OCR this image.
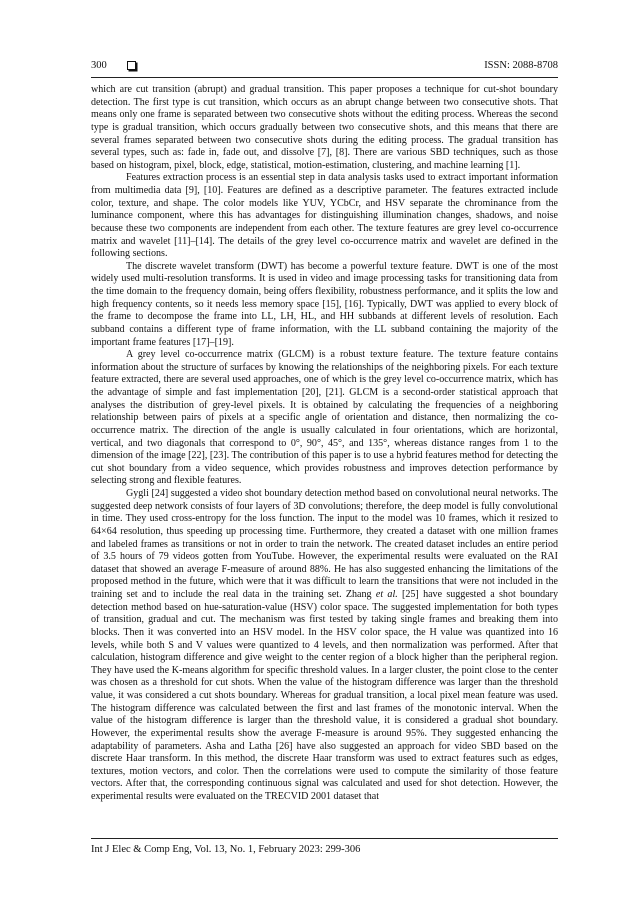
300	ISSN: 2088-8708

which are cut transition (abrupt) and gradual transition. This paper proposes a technique for cut-shot boundary detection. The first type is cut transition, which occurs as an abrupt change between two consecutive shots. That means only one frame is separated between two consecutive shots without the editing process. Whereas the second type is gradual transition, which occurs gradually between two consecutive shots, and this means that there are several frames separated between two consecutive shots during the editing process. The gradual transition has several types, such as: fade in, fade out, and dissolve [7], [8]. There are various SBD techniques, such as those based on histogram, pixel, block, edge, statistical, motion-estimation, clustering, and machine learning [1].

Features extraction process is an essential step in data analysis tasks used to extract important information from multimedia data [9], [10]. Features are defined as a descriptive parameter. The features extracted include color, texture, and shape. The color models like YUV, YCbCr, and HSV separate the chrominance from the luminance component, where this has advantages for distinguishing illumination changes, shadows, and noise because these two components are independent from each other. The texture features are grey level co-occurrence matrix and wavelet [11]–[14]. The details of the grey level co-occurrence matrix and wavelet are defined in the following sections.

The discrete wavelet transform (DWT) has become a powerful texture feature. DWT is one of the most widely used multi-resolution transforms. It is used in video and image processing tasks for transitioning data from the time domain to the frequency domain, being offers flexibility, robustness performance, and it splits the low and high frequency contents, so it needs less memory space [15], [16]. Typically, DWT was applied to every block of the frame to decompose the frame into LL, LH, HL, and HH subbands at different levels of resolution. Each subband contains a different type of frame information, with the LL subband containing the majority of the important frame features [17]–[19].

A grey level co-occurrence matrix (GLCM) is a robust texture feature. The texture feature contains information about the structure of surfaces by knowing the relationships of the neighboring pixels. For each texture feature extracted, there are several used approaches, one of which is the grey level co-occurrence matrix, which has the advantage of simple and fast implementation [20], [21]. GLCM is a second-order statistical approach that analyses the distribution of grey-level pixels. It is obtained by calculating the frequencies of a neighboring relationship between pairs of pixels at a specific angle of orientation and distance, then normalizing the co-occurrence matrix. The direction of the angle is usually calculated in four orientations, which are horizontal, vertical, and two diagonals that correspond to 0°, 90°, 45°, and 135°, whereas distance ranges from 1 to the dimension of the image [22], [23]. The contribution of this paper is to use a hybrid features method for detecting the cut shot boundary from a video sequence, which provides robustness and improves detection performance by selecting strong and flexible features.

Gygli [24] suggested a video shot boundary detection method based on convolutional neural networks. The suggested deep network consists of four layers of 3D convolutions; therefore, the deep model is fully convolutional in time. They used cross-entropy for the loss function. The input to the model was 10 frames, which it resized to 64×64 resolution, thus speeding up processing time. Furthermore, they created a dataset with one million frames and labeled frames as transitions or not in order to train the network. The created dataset includes an entire period of 3.5 hours of 79 videos gotten from YouTube. However, the experimental results were evaluated on the RAI dataset that showed an average F-measure of around 88%. He has also suggested enhancing the limitations of the proposed method in the future, which were that it was difficult to learn the transitions that were not included in the training set and to include the real data in the training set. Zhang et al. [25] have suggested a shot boundary detection method based on hue-saturation-value (HSV) color space. The suggested implementation for both types of transition, gradual and cut. The mechanism was first tested by taking single frames and breaking them into blocks. Then it was converted into an HSV model. In the HSV color space, the H value was quantized into 16 levels, while both S and V values were quantized to 4 levels, and then normalization was performed. After that calculation, histogram difference and give weight to the center region of a block higher than the peripheral region. They have used the K-means algorithm for specific threshold values. In a larger cluster, the point close to the center was chosen as a threshold for cut shots. When the value of the histogram difference was larger than the threshold value, it was considered a cut shots boundary. Whereas for gradual transition, a local pixel mean feature was used. The histogram difference was calculated between the first and last frames of the monotonic interval. When the value of the histogram difference is larger than the threshold value, it is considered a gradual shot boundary. However, the experimental results show the average F-measure is around 95%. They suggested enhancing the adaptability of parameters. Asha and Latha [26] have also suggested an approach for video SBD based on the discrete Haar transform. In this method, the discrete Haar transform was used to extract features such as edges, textures, motion vectors, and color. Then the correlations were used to compute the similarity of those feature vectors. After that, the corresponding continuous signal was calculated and used for shot detection. However, the experimental results were evaluated on the TRECVID 2001 dataset that

Int J Elec & Comp Eng, Vol. 13, No. 1, February 2023: 299-306
